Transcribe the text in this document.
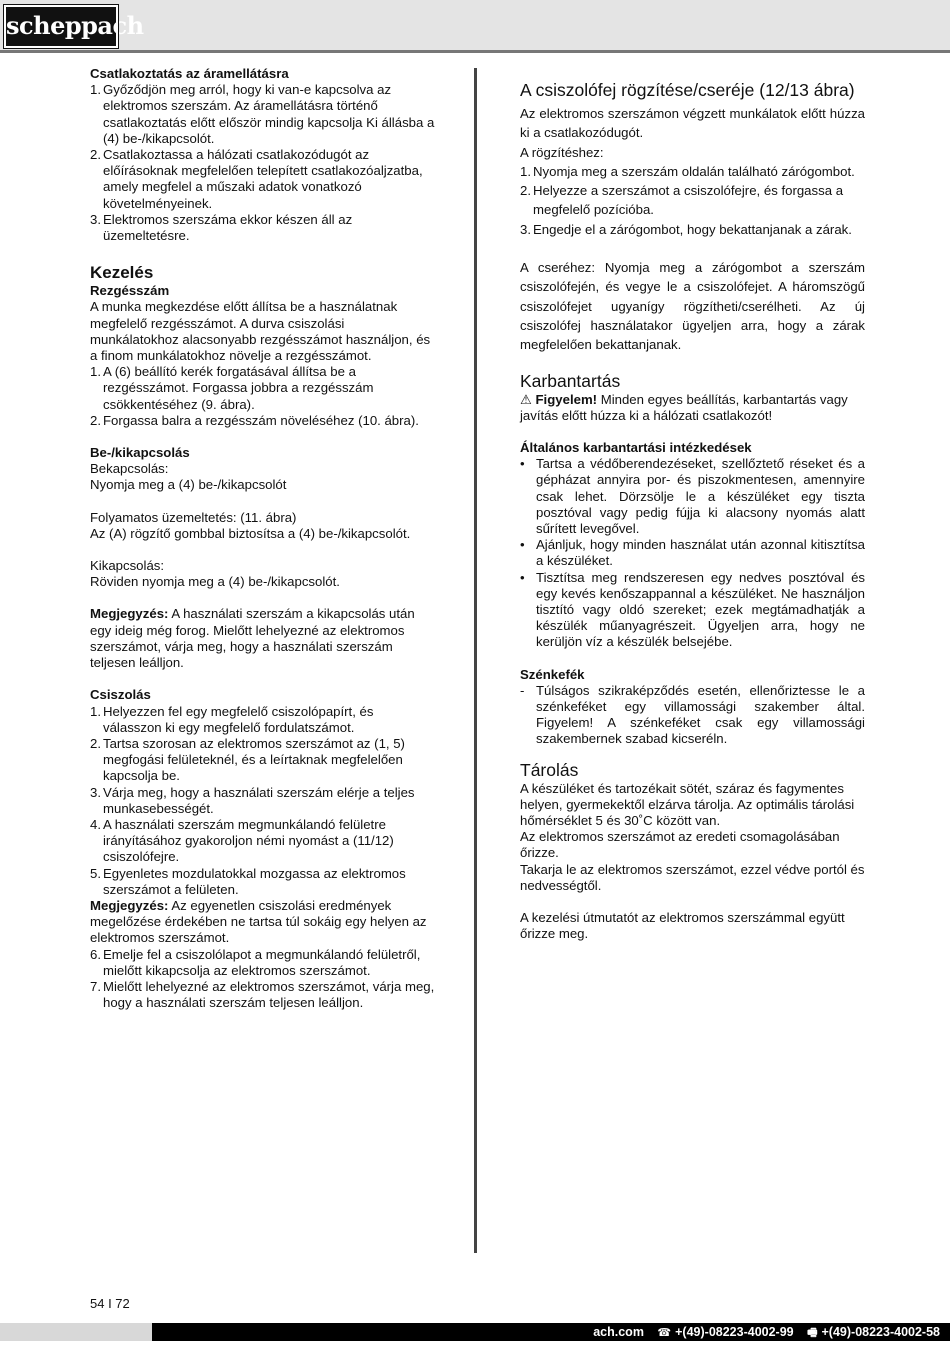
scheppach

Csatlakoztatás az áramellátásra

1. Győződjön meg arról, hogy ki van-e kapcsolva az elektromos szerszám. Az áramellátásra történő csatlakoztatás előtt először mindig kapcsolja Ki állásba a (4) be-/kikapcsolót.
2. Csatlakoztassa a hálózati csatlakozódugót az előírásoknak megfelelően telepített csatlakozóaljzatba, amely megfelel a műszaki adatok vonatkozó követelményeinek.
3. Elektromos szerszáma ekkor készen áll az üzemeltetésre.

Kezelés

Rezgésszám

A munka megkezdése előtt állítsa be a használatnak megfelelő rezgésszámot. A durva csiszolási munkálatokhoz alacsonyabb rezgésszámot használjon, és a finom munkálatokhoz növelje a rezgésszámot.

1. A (6) beállító kerék forgatásával állítsa be a rezgésszámot. Forgassa jobbra a rezgésszám csökkentéséhez (9. ábra).
2. Forgassa balra a rezgésszám növeléséhez (10. ábra).

Be-/kikapcsolás

Bekapcsolás:

Nyomja meg a (4) be-/kikapcsolót

Folyamatos üzemeltetés: (11. ábra)

Az (A) rögzítő gombbal biztosítsa a (4) be-/kikapcsolót.

Kikapcsolás:

Röviden nyomja meg a (4) be-/kikapcsolót.

Megjegyzés: A használati szerszám a kikapcsolás után egy ideig még forog. Mielőtt lehelyezné az elektromos szerszámot, várja meg, hogy a használati szerszám teljesen leálljon.

Csiszolás

1. Helyezzen fel egy megfelelő csiszolópapírt, és válasszon ki egy megfelelő fordulatszámot.
2. Tartsa szorosan az elektromos szerszámot az (1, 5) megfogási felületeknél, és a leírtaknak megfelelően kapcsolja be.
3. Várja meg, hogy a használati szerszám elérje a teljes munkasebességét.
4. A használati szerszám megmunkálandó felületre irányításához gyakoroljon némi nyomást a (11/12) csiszolófejre.
5. Egyenletes mozdulatokkal mozgassa az elektromos szerszámot a felületen.

Megjegyzés: Az egyenetlen csiszolási eredmények megelőzése érdekében ne tartsa túl sokáig egy helyen az elektromos szerszámot.

6. Emelje fel a csiszolólapot a megmunkálandó felületről, mielőtt kikapcsolja az elektromos szerszámot.
7. Mielőtt lehelyezné az elektromos szerszámot, várja meg, hogy a használati szerszám teljesen leálljon.

A csiszolófej rögzítése/cseréje (12/13 ábra)

Az elektromos szerszámon végzett munkálatok előtt húzza ki a csatlakozódugót.

A rögzítéshez:

1. Nyomja meg a szerszám oldalán található zárógombot.
2. Helyezze a szerszámot a csiszolófejre, és forgassa a megfelelő pozícióba.
3. Engedje el a zárógombot, hogy bekattanjanak a zárak.

A cseréhez: Nyomja meg a zárógombot a szerszám csiszolófején, és vegye le a csiszolófejet. A háromszögű csiszolófejet ugyanígy rögzítheti/cserélheti. Az új csiszolófej használatakor ügyeljen arra, hogy a zárak megfelelően bekattanjanak.

Karbantartás

⚠ Figyelem! Minden egyes beállítás, karbantartás vagy javítás előtt húzza ki a hálózati csatlakozót!

Általános karbantartási intézkedések

• Tartsa a védőberendezéseket, szellőztető réseket és a gépházat annyira por- és piszokmentesen, amennyire csak lehet. Dörzsölje le a készüléket egy tiszta posztóval vagy pedig fújja ki alacsony nyomás alatt sűrített levegővel.
• Ajánljuk, hogy minden használat után azonnal kitisztítsa a készüléket.
• Tisztítsa meg rendszeresen egy nedves posztóval és egy kevés kenőszappannal a készüléket. Ne használjon tisztító vagy oldó szereket; ezek megtámadhatják a készülék műanyagrészeit. Ügyeljen arra, hogy ne kerüljön víz a készülék belsejébe.

Szénkefék

- Túlságos szikraképződés esetén, ellenőriztesse le a szénkeféket egy villamossági szakember által. Figyelem! A szénkeféket csak egy villamossági szakembernek szabad kicseréln.

Tárolás

A készüléket és tartozékait sötét, száraz és fagymentes helyen, gyermekektől elzárva tárolja. Az optimális tárolási hőmérséklet 5 és 30˚C között van.

Az elektromos szerszámot az eredeti csomagolásában őrizze.

Takarja le az elektromos szerszámot, ezzel védve portól és nedvességtől.

A kezelési útmutatót az elektromos szerszámmal együtt őrizze meg.

54 I 72
ach.com ☎ +(49)-08223-4002-99 🖷 +(49)-08223-4002-58
